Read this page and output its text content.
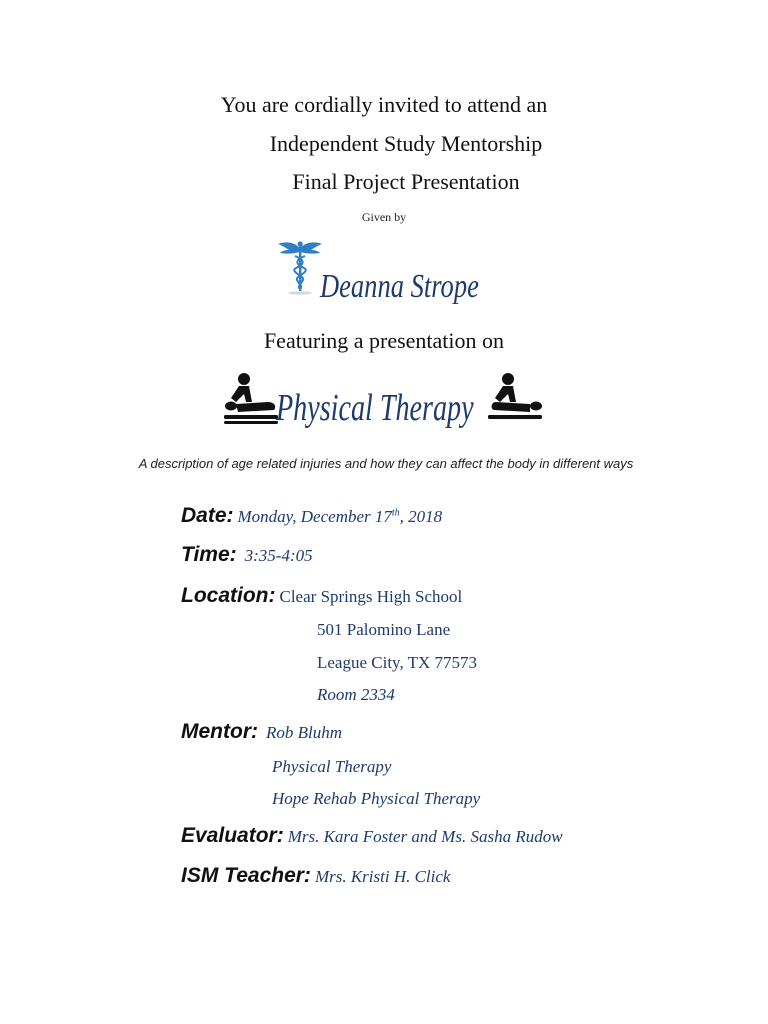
You are cordially invited to attend an
Independent Study Mentorship
Final Project Presentation
Given by
Deanna Strope
Featuring a presentation on
Physical Therapy
A description of age related injuries and how they can affect the body in different ways
Date: Monday, December 17th, 2018
Time: 3:35-4:05
Location: Clear Springs High School
501 Palomino Lane
League City, TX 77573
Room 2334
Mentor: Rob Bluhm
Physical Therapy
Hope Rehab Physical Therapy
Evaluator: Mrs. Kara Foster and Ms. Sasha Rudow
ISM Teacher: Mrs. Kristi H. Click
